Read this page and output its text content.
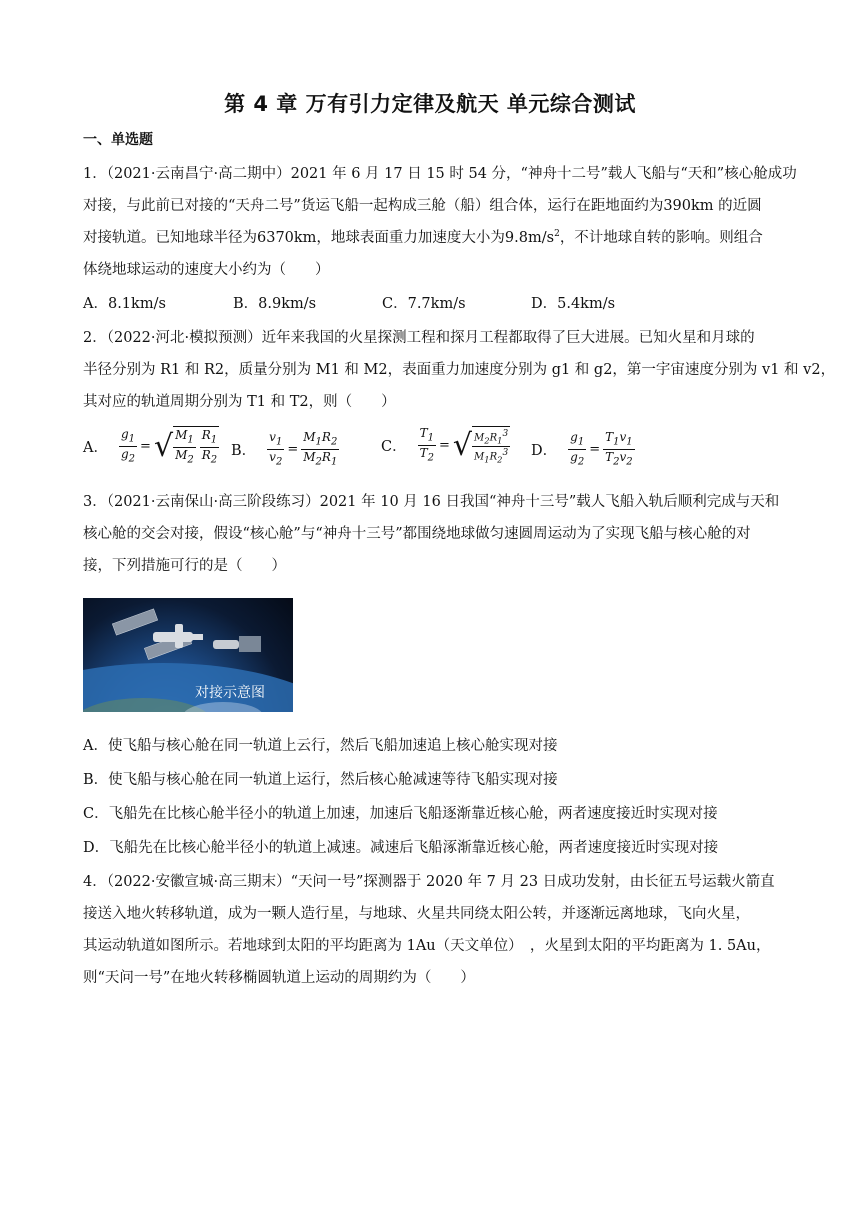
第 4 章 万有引力定律及航天 单元综合测试
一、单选题
1．（2021·云南昌宁·高二期中）2021 年 6 月 17 日 15 时 54 分，“神舟十二号”载人飞船与“天和”核心舱成功
对接，与此前已对接的“天舟二号”货运飞船一起构成三舱（船）组合体，运行在距地面约为390km 的近圆
对接轨道。已知地球半径为6370km，地球表面重力加速度大小为$9.8m/s^2$，不计地球自转的影响。则组合
体绕地球运动的速度大小约为（　　）
A．8.1km/s	B．8.9km/s	C．7.7km/s	D．5.4km/s
2．（2022·河北·模拟预测）近年来我国的火星探测工程和探月工程都取得了巨大进展。已知火星和月球的
半径分别为 R1 和 R2，质量分别为 M1 和 M2，表面重力加速度分别为 g1 和 g2，第一宇宙速度分别为 v1 和 v2，
其对应的轨道周期分别为 T1 和 T2，则（　　）
A． $\frac{g_1}{g_2}$ = √ $\frac{M_1}{M_2} \frac{R_1}{R_2}$ B． $\frac{v_1}{v_2} = \frac{M_1R_2}{M_2R_1}$	C． $\frac{T_1}{T_2}$ = √ $\frac{M_2R_1^3}{M_1R_2^3}$ D． $\frac{g_1}{g_2} = \frac{T_1v_1}{T_2v_2}$
3．（2021·云南保山·高三阶段练习）2021 年 10 月 16 日我国“神舟十三号”载人飞船入轨后顺利完成与天和
核心舱的交会对接，假设“核心舱”与“神舟十三号”都围绕地球做匀速圆周运动为了实现飞船与核心舱的对
接，下列措施可行的是（　　）
对接示意图
A．使飞船与核心舱在同一轨道上云行，然后飞船加速追上核心舱实现对接
B．使飞船与核心舱在同一轨道上运行，然后核心舱减速等待飞船实现对接
C．飞船先在比核心舱半径小的轨道上加速，加速后飞船逐渐靠近核心舱，两者速度接近时实现对接
D．飞船先在比核心舱半径小的轨道上减速。减速后飞船涿渐靠近核心舱，两者速度接近时实现对接
4．（2022·安徽宣城·高三期末）“天问一号”探测器于 2020 年 7 月 23 日成功发射，由长征五号运载火箭直
接送入地火转移轨道，成为一颗人造行星，与地球、火星共同绕太阳公转，并逐渐远离地球，飞向火星，
其运动轨道如图所示。若地球到太阳的平均距离为 1Au（天文单位）　，火星到太阳的平均距离为 1. 5Au，
则“天问一号”在地火转移椭圆轨道上运动的周期约为（　　）
